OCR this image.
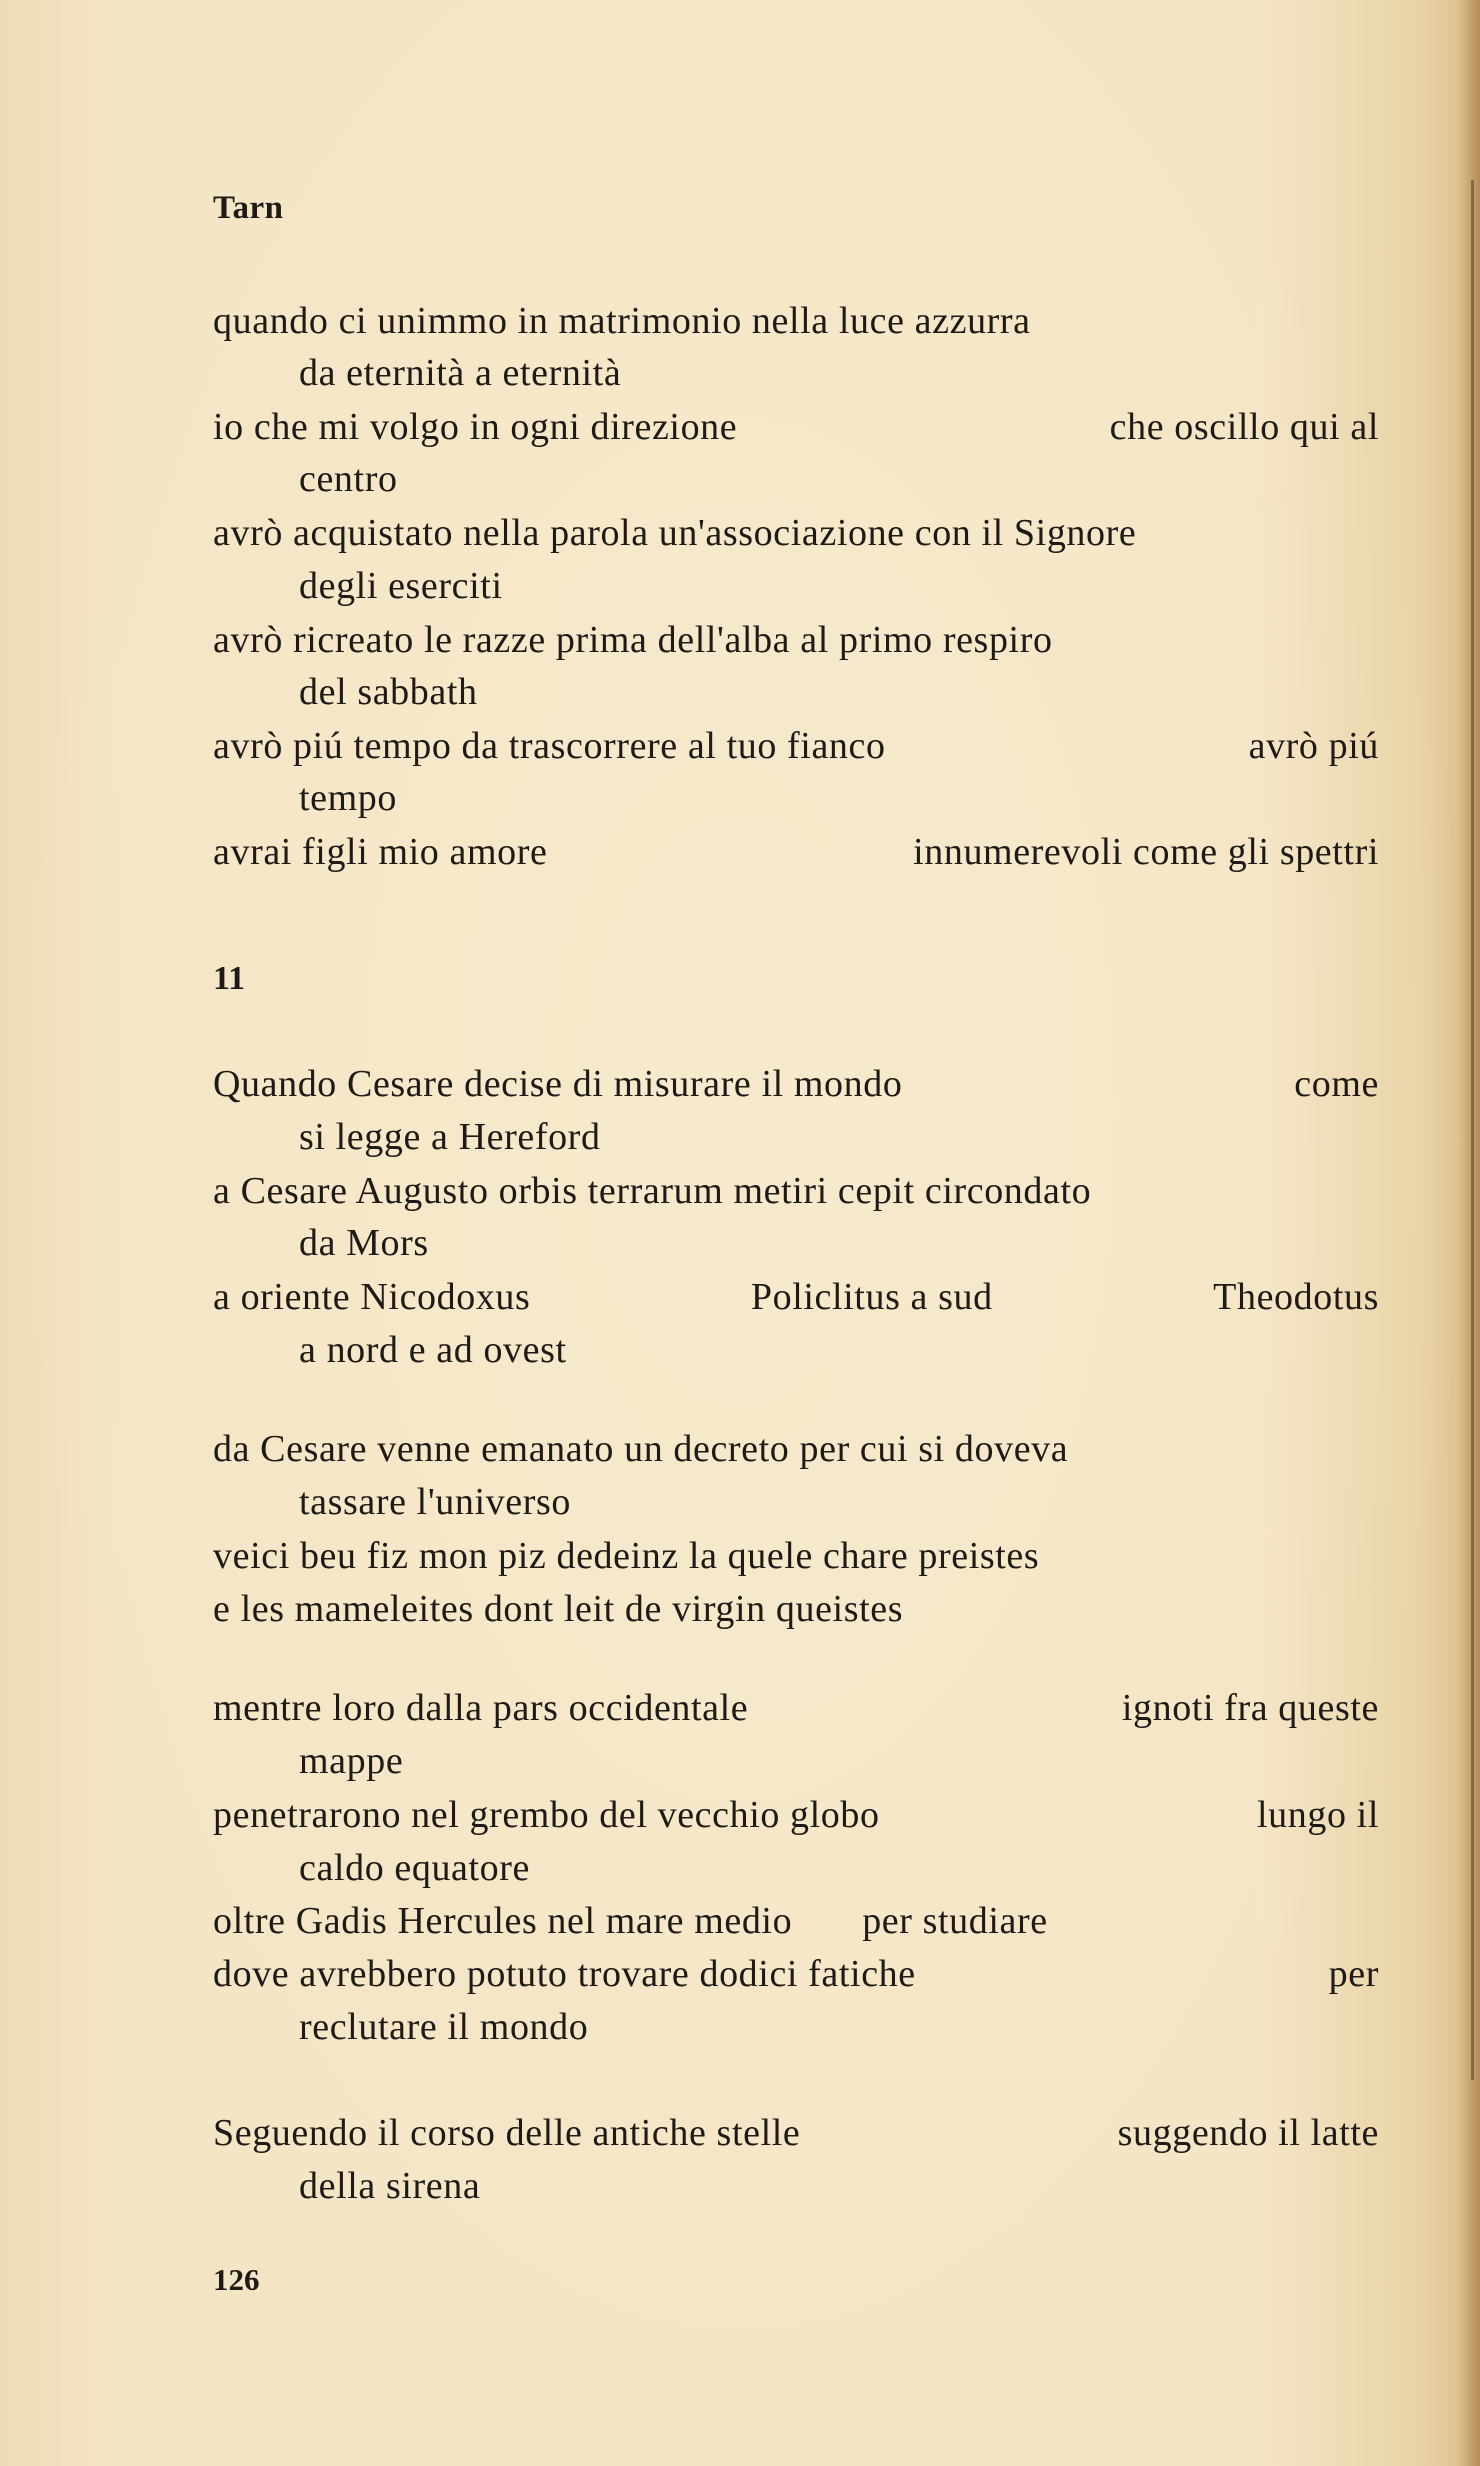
Tarn
quando ci unimmo in matrimonio nella luce azzurra
da eternità a eternità
io che mi volgo in ogni direzione	che oscillo qui al
centro
avrò acquistato nella parola un'associazione con il Signore
degli eserciti
avrò ricreato le razze prima dell'alba al primo respiro
del sabbath
avrò piú tempo da trascorrere al tuo fianco	avrò piú
tempo
avrai figli mio amore	innumerevoli come gli spettri
11
Quando Cesare decise di misurare il mondo	come
si legge a Hereford
a Cesare Augusto orbis terrarum metiri cepit circondato
da Mors
a oriente Nicodoxus	Policlitus a sud	Theodotus
a nord e ad ovest
da Cesare venne emanato un decreto per cui si doveva
tassare l'universo
veici beu fiz mon piz dedeinz la quele chare preistes
e les mameleites dont leit de virgin queistes
mentre loro dalla pars occidentale	ignoti fra queste
mappe
penetrarono nel grembo del vecchio globo	lungo il
caldo equatore
oltre Gadis Hercules nel mare medio per studiare
dove avrebbero potuto trovare dodici fatiche	per
reclutare il mondo
Seguendo il corso delle antiche stelle	suggendo il latte
della sirena
126
